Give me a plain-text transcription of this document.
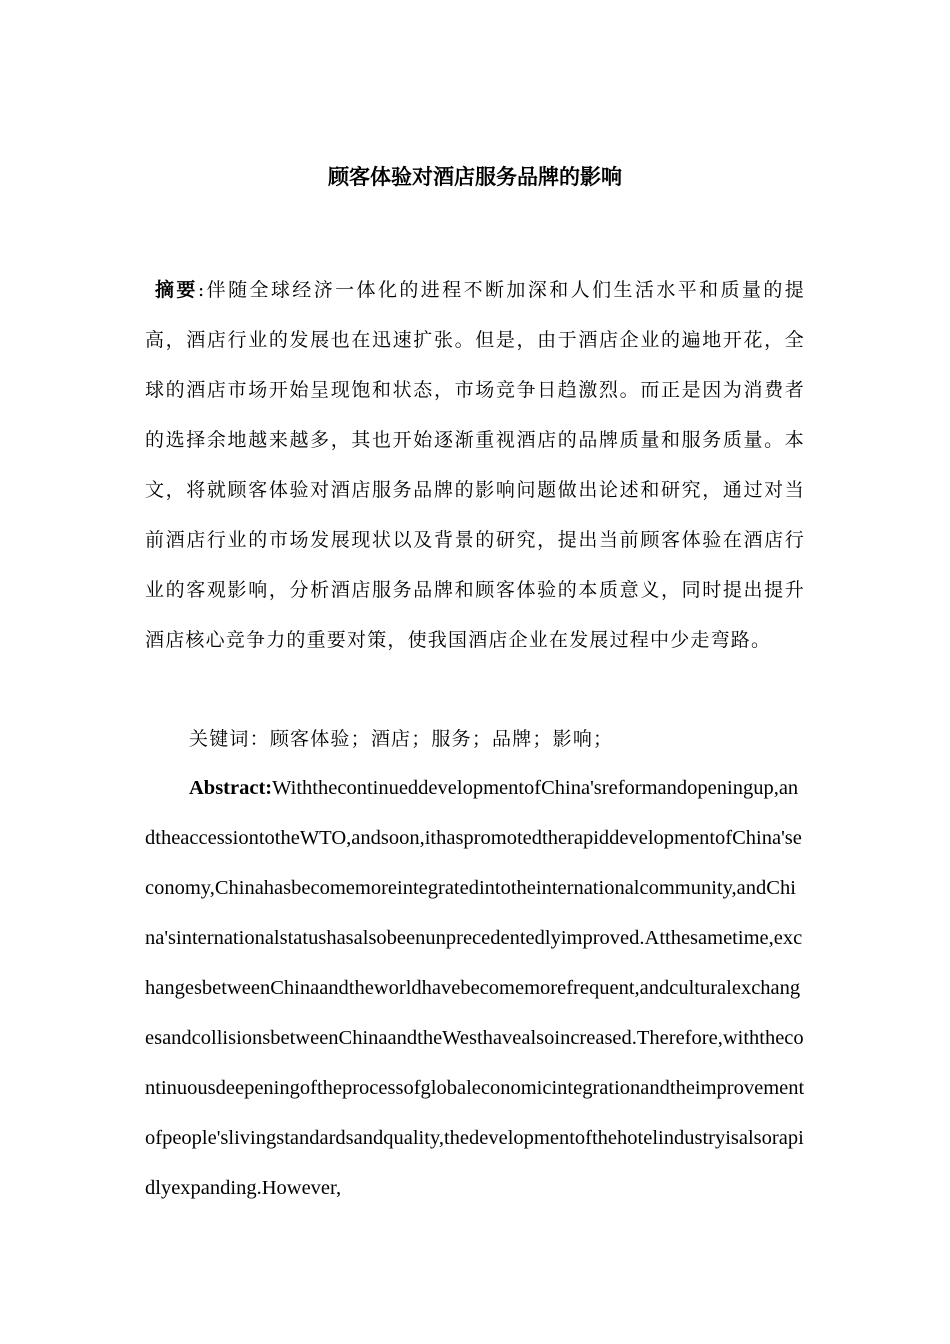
顾客体验对酒店服务品牌的影响

摘要:伴随全球经济一体化的进程不断加深和人们生活水平和质量的提高，酒店行业的发展也在迅速扩张。但是，由于酒店企业的遍地开花，全球的酒店市场开始呈现饱和状态，市场竞争日趋激烈。而正是因为消费者的选择余地越来越多，其也开始逐渐重视酒店的品牌质量和服务质量。本文，将就顾客体验对酒店服务品牌的影响问题做出论述和研究，通过对当前酒店行业的市场发展现状以及背景的研究，提出当前顾客体验在酒店行业的客观影响，分析酒店服务品牌和顾客体验的本质意义，同时提出提升酒店核心竞争力的重要对策，使我国酒店企业在发展过程中少走弯路。

关键词：顾客体验；酒店；服务；品牌；影响；

Abstract:WiththecontinueddevelopmentofChina'sreformandopeningup,andtheaccessiontotheWTO,andsoon,ithaspromotedtherapiddevelopmentofChina'seconomy,Chinahasbecomemoreintegratedintotheinternationalcommunity,andChina'sinternationalstatushasalsobeenunprecedentedlyimproved.Atthesametime,exchangesbetweenChinaandtheworldhavebecomemorefrequent,andculturalexchangesandcollisionsbetweenChinaandtheWesthavealsoincreased.Therefore,withthecontinuousdeepeningoftheprocessofglobaleconomicintegrationandtheimprovementofpeople'slivingstandardsandquality,thedevelopmentofthehotelindustryisalsorapidlyexpanding.However,
